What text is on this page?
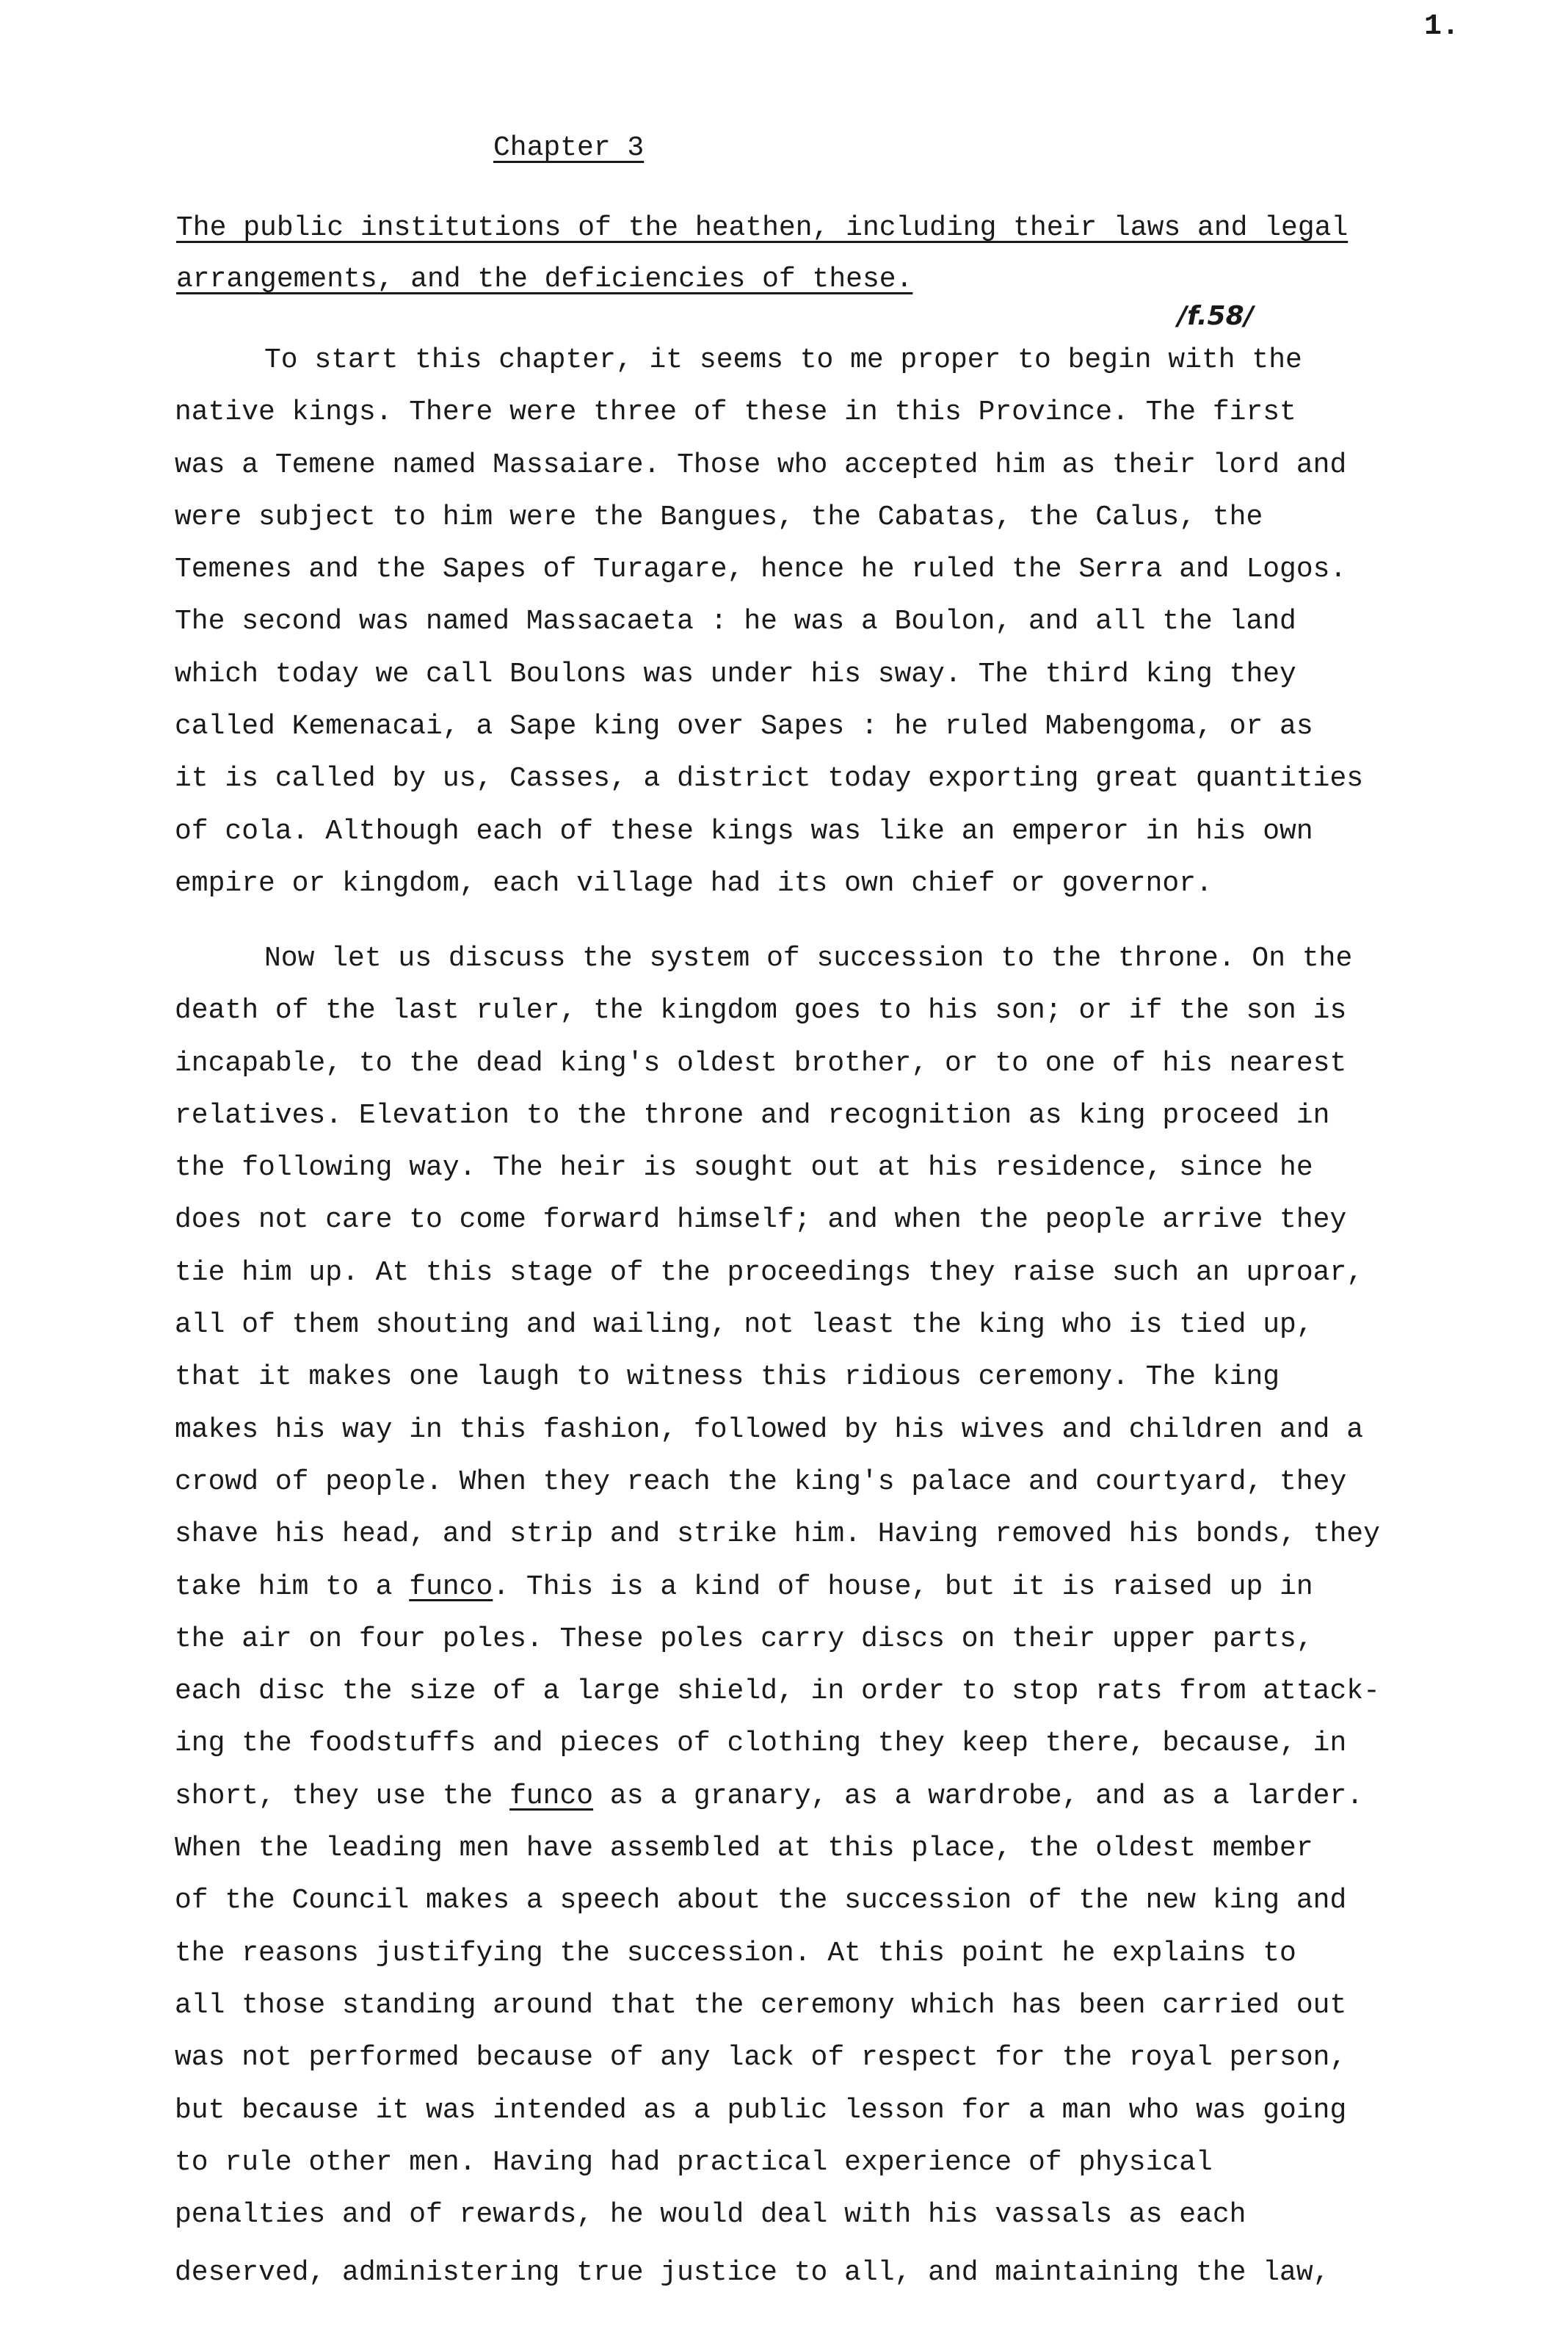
1.
Chapter 3
The public institutions of the heathen, including their laws and legal
arrangements, and the deficiencies of these.
/f.58/
To start this chapter, it seems to me proper to begin with the
native kings. There were three of these in this Province. The first
was a Temene named Massaiare. Those who accepted him as their lord and
were subject to him were the Bangues, the Cabatas, the Calus, the
Temenes and the Sapes of Turagare, hence he ruled the Serra and Logos.
The second was named Massacaeta : he was a Boulon, and all the land
which today we call Boulons was under his sway. The third king they
called Kemenacai, a Sape king over Sapes : he ruled Mabengoma, or as
it is called by us, Casses, a district today exporting great quantities
of cola. Although each of these kings was like an emperor in his own
empire or kingdom, each village had its own chief or governor.
Now let us discuss the system of succession to the throne. On the
death of the last ruler, the kingdom goes to his son; or if the son is
incapable, to the dead king's oldest brother, or to one of his nearest
relatives. Elevation to the throne and recognition as king proceed in
the following way. The heir is sought out at his residence, since he
does not care to come forward himself; and when the people arrive they
tie him up. At this stage of the proceedings they raise such an uproar,
all of them shouting and wailing, not least the king who is tied up,
that it makes one laugh to witness this ridious ceremony. The king
makes his way in this fashion, followed by his wives and children and a
crowd of people. When they reach the king's palace and courtyard, they
shave his head, and strip and strike him. Having removed his bonds, they
take him to a funco. This is a kind of house, but it is raised up in
the air on four poles. These poles carry discs on their upper parts,
each disc the size of a large shield, in order to stop rats from attack-
ing the foodstuffs and pieces of clothing they keep there, because, in
short, they use the funco as a granary, as a wardrobe, and as a larder.
When the leading men have assembled at this place, the oldest member
of the Council makes a speech about the succession of the new king and
the reasons justifying the succession. At this point he explains to
all those standing around that the ceremony which has been carried out
was not performed because of any lack of respect for the royal person,
but because it was intended as a public lesson for a man who was going
to rule other men. Having had practical experience of physical
penalties and of rewards, he would deal with his vassals as each
deserved, administering true justice to all, and maintaining the law,
